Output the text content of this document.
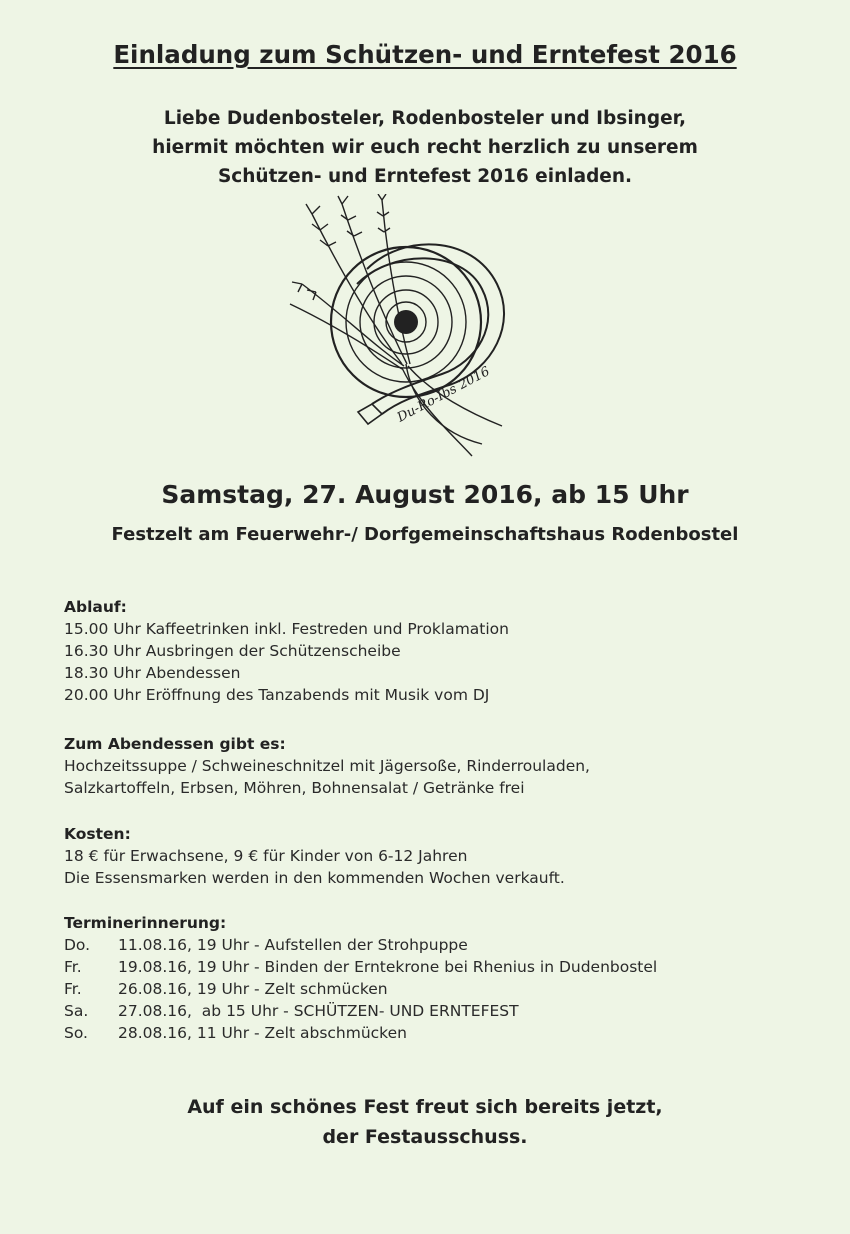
Einladung zum Schützen- und Erntefest 2016
Liebe Dudenbosteler, Rodenbosteler und Ibsinger,
hiermit möchten wir euch recht herzlich zu unserem
Schützen- und Erntefest 2016 einladen.
Du-Ro-Ibs 2016
Samstag, 27. August 2016, ab 15 Uhr
Festzelt am Feuerwehr-/ Dorfgemeinschaftshaus Rodenbostel
Ablauf:
15.00 Uhr Kaffeetrinken inkl. Festreden und Proklamation
16.30 Uhr Ausbringen der Schützenscheibe
18.30 Uhr Abendessen
20.00 Uhr Eröffnung des Tanzabends mit Musik vom DJ
Zum Abendessen gibt es:
Hochzeitssuppe / Schweineschnitzel mit Jägersoße, Rinderrouladen,
Salzkartoffeln, Erbsen, Möhren, Bohnensalat / Getränke frei
Kosten:
18 € für Erwachsene, 9 € für Kinder von 6-12 Jahren
Die Essensmarken werden in den kommenden Wochen verkauft.
Terminerinnerung:
Do.	11.08.16, 19 Uhr - Aufstellen der Strohpuppe
Fr.	19.08.16, 19 Uhr - Binden der Erntekrone bei Rhenius in Dudenbostel
Fr.	26.08.16, 19 Uhr - Zelt schmücken
Sa.	27.08.16,  ab 15 Uhr - SCHÜTZEN- UND ERNTEFEST
So.	28.08.16, 11 Uhr - Zelt abschmücken
Auf ein schönes Fest freut sich bereits jetzt,
der Festausschuss.
